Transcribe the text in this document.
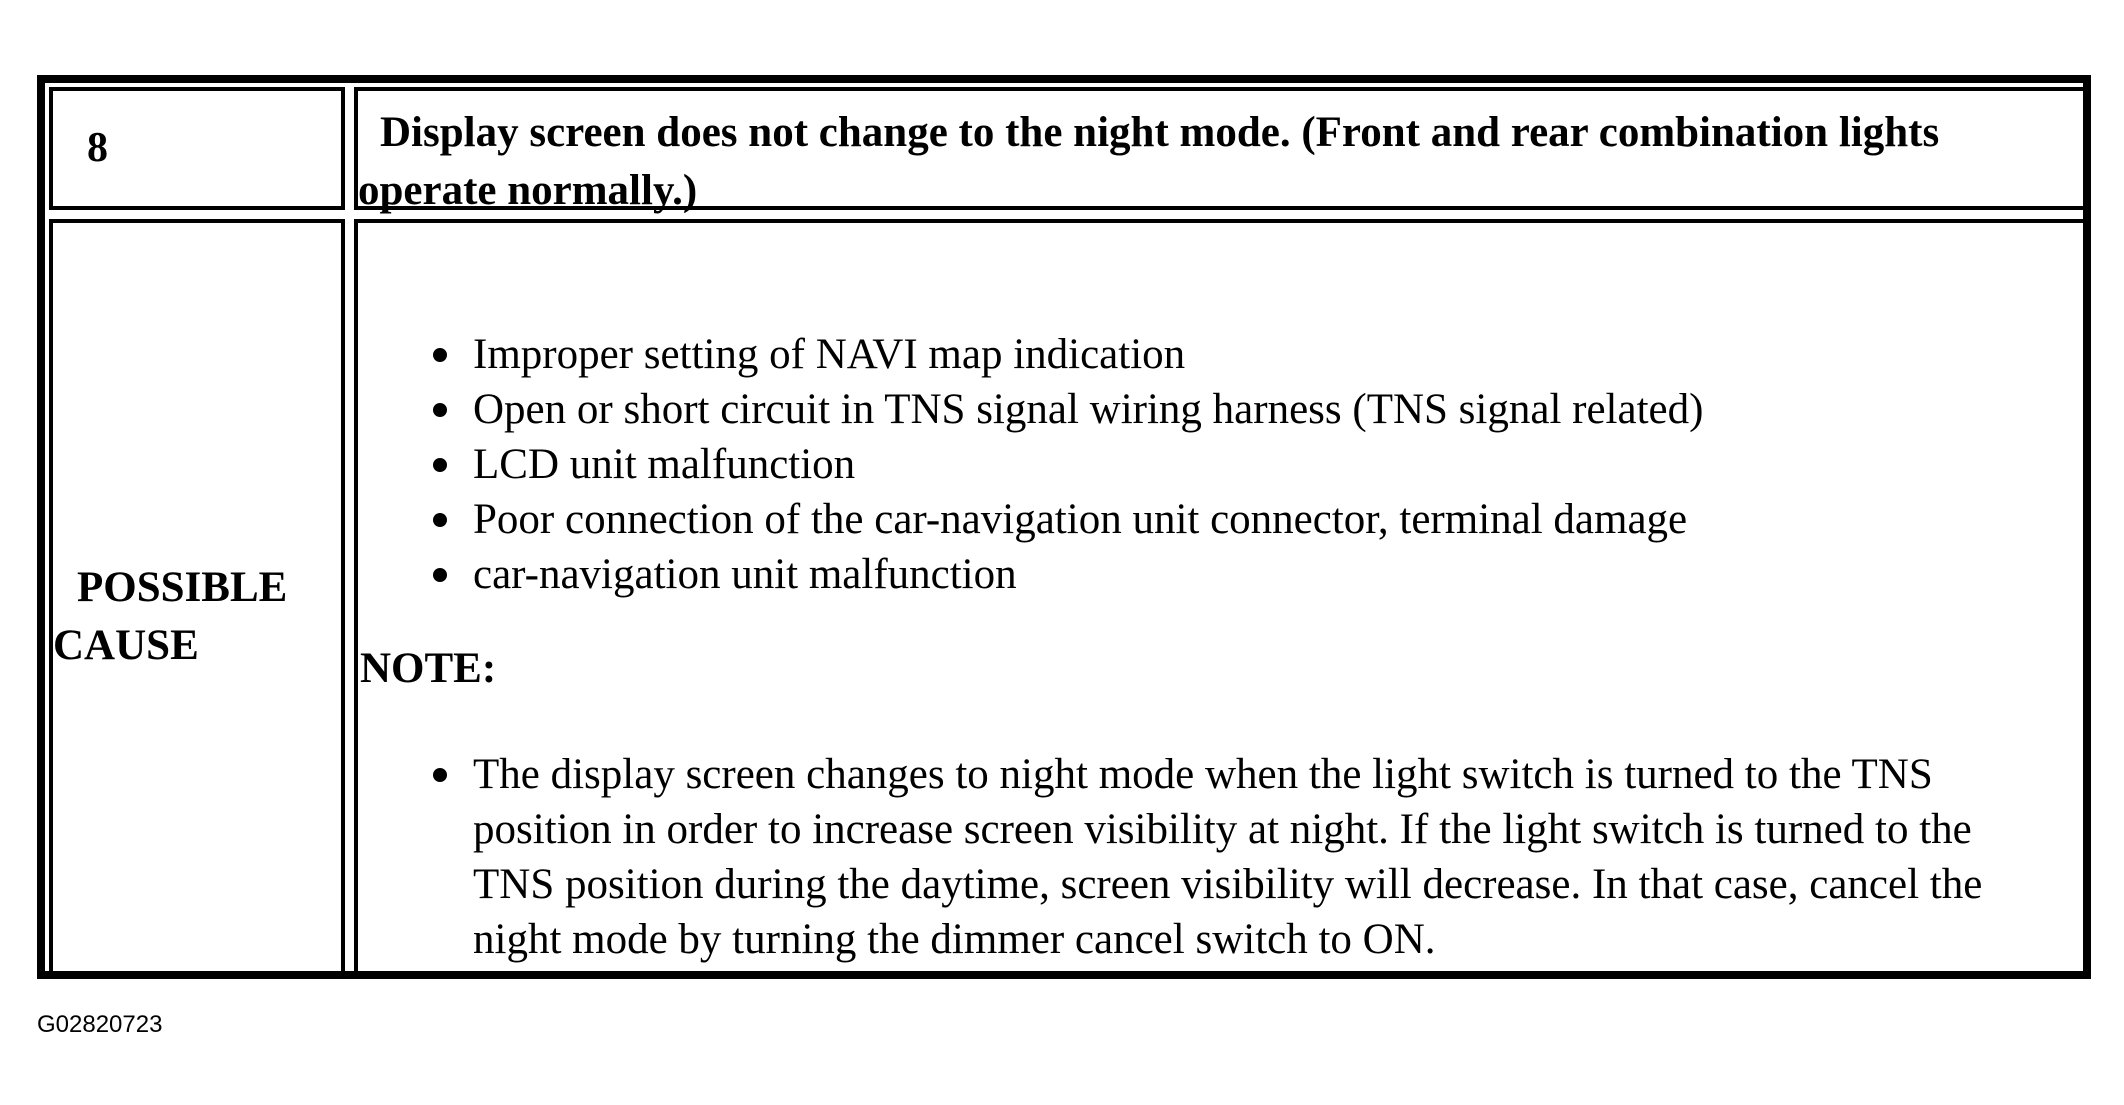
8	Display screen does not change to the night mode. (Front and rear combination lights operate normally.)
POSSIBLE CAUSE
Improper setting of NAVI map indication
Open or short circuit in TNS signal wiring harness (TNS signal related)
LCD unit malfunction
Poor connection of the car-navigation unit connector, terminal damage
car-navigation unit malfunction
NOTE:
The display screen changes to night mode when the light switch is turned to the TNS position in order to increase screen visibility at night. If the light switch is turned to the TNS position during the daytime, screen visibility will decrease. In that case, cancel the night mode by turning the dimmer cancel switch to ON.
G02820723
